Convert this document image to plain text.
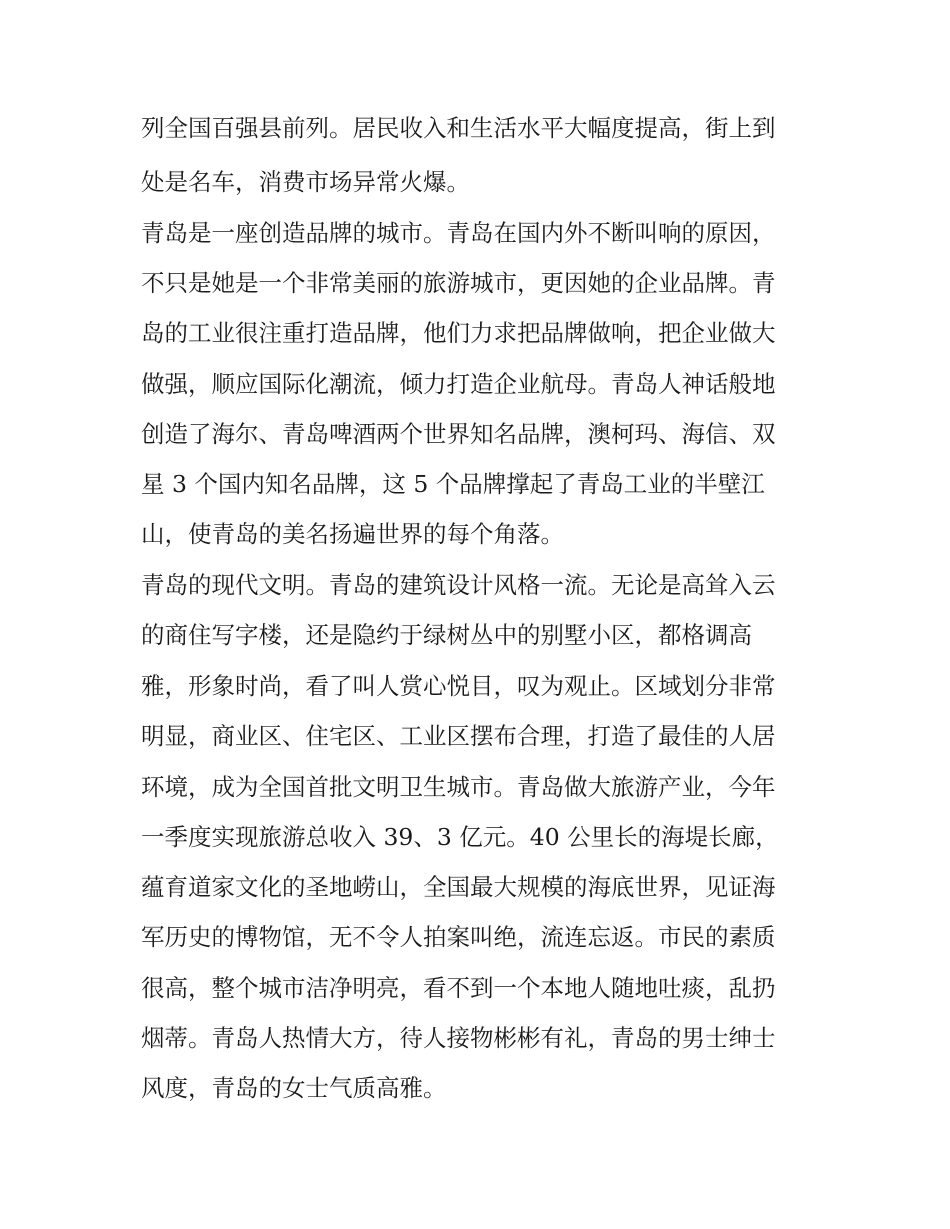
列全国百强县前列。居民收入和生活水平大幅度提高，街上到
处是名车，消费市场异常火爆。
青岛是一座创造品牌的城市。青岛在国内外不断叫响的原因，
不只是她是一个非常美丽的旅游城市，更因她的企业品牌。青
岛的工业很注重打造品牌，他们力求把品牌做响，把企业做大
做强，顺应国际化潮流，倾力打造企业航母。青岛人神话般地
创造了海尔、青岛啤酒两个世界知名品牌，澳柯玛、海信、双
星 3 个国内知名品牌，这 5 个品牌撑起了青岛工业的半壁江
山，使青岛的美名扬遍世界的每个角落。
青岛的现代文明。青岛的建筑设计风格一流。无论是高耸入云
的商住写字楼，还是隐约于绿树丛中的别墅小区，都格调高
雅，形象时尚，看了叫人赏心悦目，叹为观止。区域划分非常
明显，商业区、住宅区、工业区摆布合理，打造了最佳的人居
环境，成为全国首批文明卫生城市。青岛做大旅游产业，今年
一季度实现旅游总收入 39、3 亿元。40 公里长的海堤长廊，
蕴育道家文化的圣地崂山，全国最大规模的海底世界，见证海
军历史的博物馆，无不令人拍案叫绝，流连忘返。市民的素质
很高，整个城市洁净明亮，看不到一个本地人随地吐痰，乱扔
烟蒂。青岛人热情大方，待人接物彬彬有礼，青岛的男士绅士
风度，青岛的女士气质高雅。
